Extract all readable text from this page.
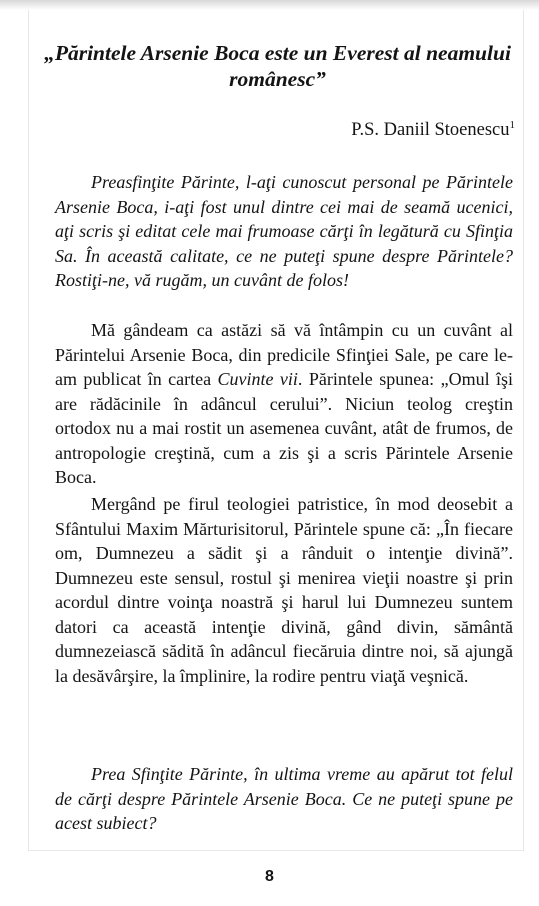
„Părintele Arsenie Boca este un Everest al neamului românesc”
P.S. Daniil Stoenescu$^1$

Preasfinţite Părinte, l-aţi cunoscut personal pe Părintele Arsenie Boca, i-aţi fost unul dintre cei mai de seamă ucenici, aţi scris şi editat cele mai frumoase cărţi în legătură cu Sfinţia Sa. În această calitate, ce ne puteţi spune despre Părintele? Rostiţi-ne, vă rugăm, un cuvânt de folos!

Mă gândeam ca astăzi să vă întâmpin cu un cuvânt al Părintelui Arsenie Boca, din predicile Sfinţiei Sale, pe care le-am publicat în cartea Cuvinte vii. Părintele spunea: „Omul îşi are rădăcinile în adâncul cerului”. Niciun teolog creştin ortodox nu a mai rostit un asemenea cuvânt, atât de frumos, de antropologie creştină, cum a zis şi a scris Părintele Arsenie Boca.

Mergând pe firul teologiei patristice, în mod deosebit a Sfântului Maxim Mărturisitorul, Părintele spune că: „În fiecare om, Dumnezeu a sădit şi a rânduit o intenţie divină”. Dumnezeu este sensul, rostul şi menirea vieţii noastre şi prin acordul dintre voinţa noastră şi harul lui Dumnezeu suntem datori ca această intenţie divină, gând divin, sământă dumnezeiască sădită în adâncul fiecăruia dintre noi, să ajungă la desăvârşire, la împlinire, la rodire pentru viaţă veşnică.

Prea Sfinţite Părinte, în ultima vreme au apărut tot felul de cărţi despre Părintele Arsenie Boca. Ce ne puteţi spune pe acest subiect?

8
